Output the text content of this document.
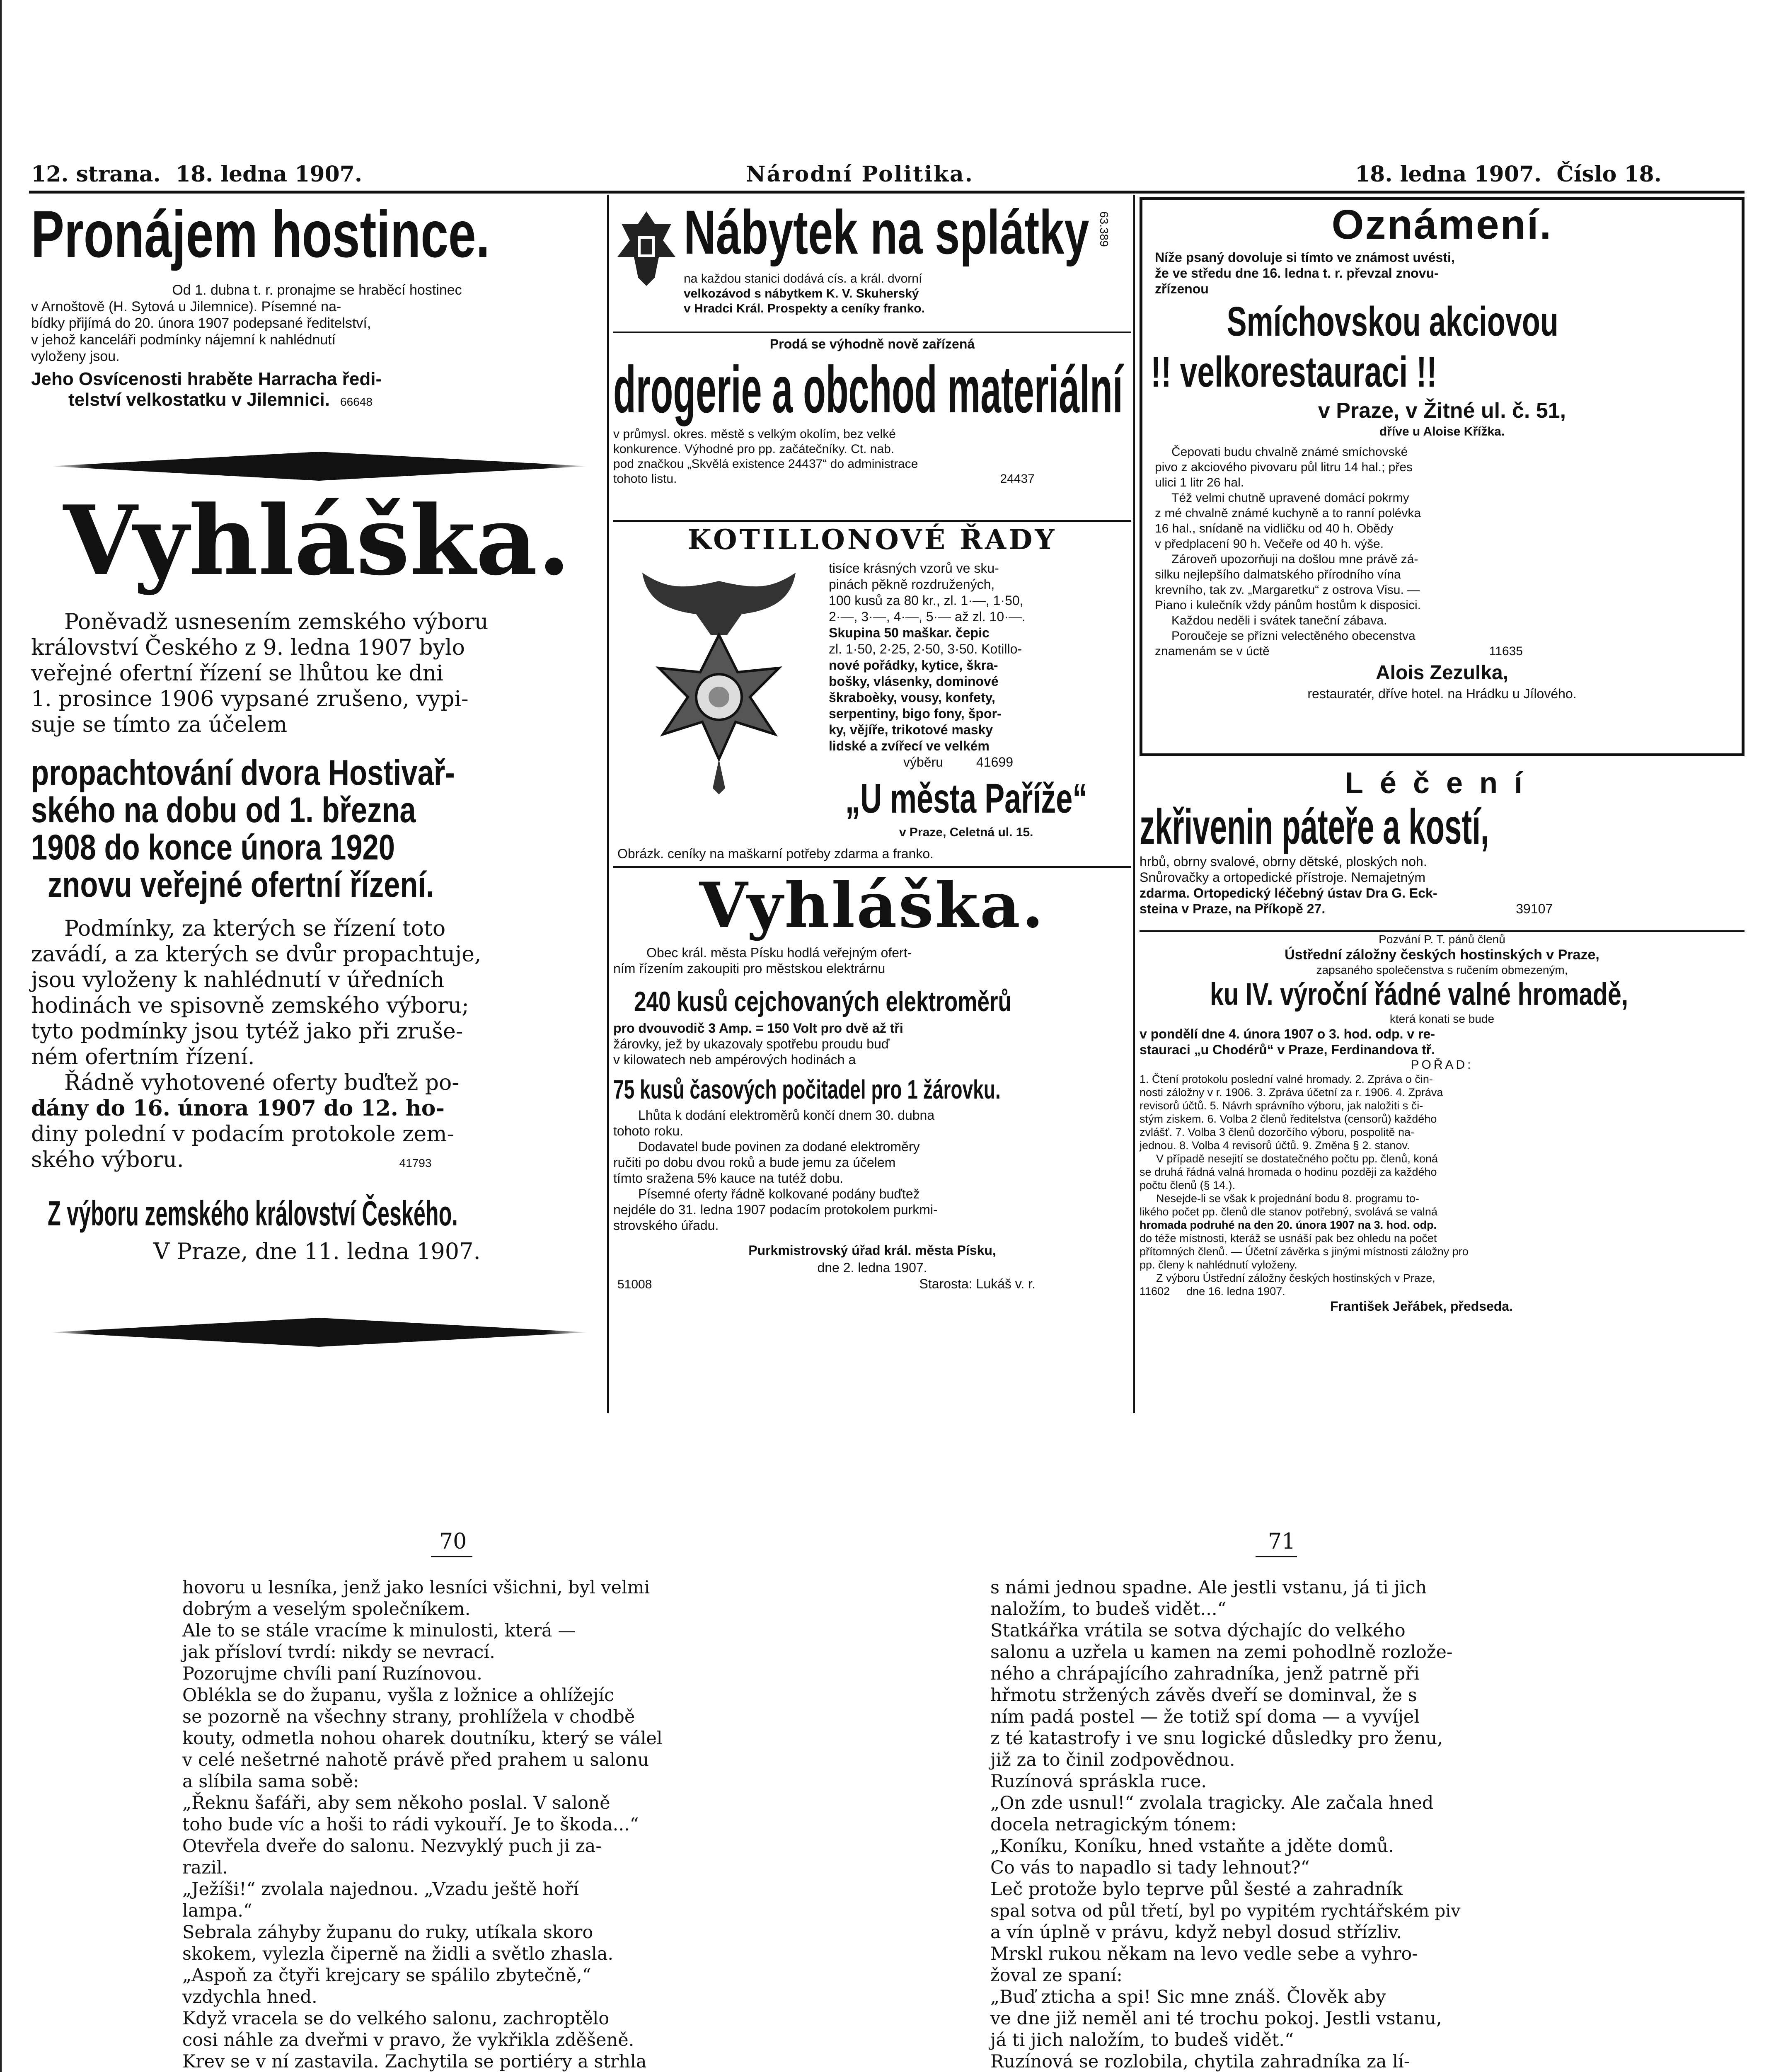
12. strana.  18. ledna 1907.	Národní Politika.	18. ledna 1907.  Číslo 18.
Pronájem hostince.

Od 1. dubna t. r. pronajme se hraběcí hostinec

v Arnoštově (H. Sytová u Jilemnice). Písemné na-

bídky přijímá do 20. února 1907 podepsané ředitelství,

v jehož kanceláři podmínky nájemní k nahlédnutí

vyloženy jsou.

Jeho Osvícenosti hraběte Harracha ředi-
telství velkostatku v Jilemnici. 66648
Vyhláška.

Poněvadž usnesením zemského výboru

království Českého z 9. ledna 1907 bylo

veřejné ofertní řízení se lhůtou ke dni

1. prosince 1906 vypsané zrušeno, vypi-

suje se tímto za účelem

propachtování dvora Hostivař-
ského na dobu od 1. března
1908 do konce února 1920
znovu veřejné ofertní řízení.

Podmínky, za kterých se řízení toto

zavádí, a za kterých se dvůr propachtuje,

jsou vyloženy k nahlédnutí v úředních

hodinách ve spisovně zemského výboru;

tyto podmínky jsou tytéž jako při zruše-

ném ofertním řízení.

Řádně vyhotovené oferty buďtež po-

dány do 16. února 1907 do 12. ho-

diny polední v podacím protokole zem-

ského výboru.	41793

Z výboru zemského království Českého.
V Praze, dne 11. ledna 1907.
Nábytek na splátky 63.389

na každou stanici dodává cís. a král. dvorní

velkozávod s nábytkem K. V. Skuherský

v Hradci Král. Prospekty a ceníky franko.

Prodá se výhodně nově zařízená
drogerie a obchod materiální

v průmysl. okres. městě s velkým okolím, bez velké

konkurence. Výhodné pro pp. začátečníky. Ct. nab.

pod značkou „Skvělá existence 24437“ do administrace

tohoto listu.	24437

KOTILLONOVÉ ŘADY

tisíce krásných vzorů ve sku-

pinách pěkně rozdružených,

100 kusů za 80 kr., zl. 1·—, 1·50,

2·—, 3·—, 4·—, 5·— až zl. 10·—.

Skupina 50 maškar. čepic

zl. 1·50, 2·25, 2·50, 3·50. Kotillo-

nové pořádky, kytice, škra-

bošky, vlásenky, dominové

škraboèky, vousy, konfety,

serpentiny, bigo fony, špor-

ky, vějíře, trikotové masky

lidské a zvířecí ve velkém

výběru	41699

„U města Paříže“
v Praze, Celetná ul. 15.
Obrázk. ceníky na maškarní potřeby zdarma a franko.
Vyhláška.

Obec král. města Písku hodlá veřejným ofert-

ním řízením zakoupiti pro městskou elektrárnu

240 kusů cejchovaných elektroměrů

pro dvouvodič 3 Amp. = 150 Volt pro dvě až tři

žárovky, jež by ukazovaly spotřebu proudu buď

v kilowatech neb ampérových hodinách a

75 kusů časových počitadel pro 1 žárovku.

Lhůta k dodání elektroměrů končí dnem 30. dubna

tohoto roku.

Dodavatel bude povinen za dodané elektroměry

ručiti po dobu dvou roků a bude jemu za účelem

tímto sražena 5% kauce na tutéž dobu.

Písemné oferty řádně kolkované podány buďtež

nejdéle do 31. ledna 1907 podacím protokolem purkmi-

strovského úřadu.

Purkmistrovský úřad král. města Písku,
dne 2. ledna 1907.
51008	Starosta: Lukáš v. r.
Oznámení.

Níže psaný dovoluje si tímto ve známost uvésti,

že ve středu dne 16. ledna t. r. převzal znovu-

zřízenou

Smíchovskou akciovou
!! velkorestauraci !!
v Praze, v Žitné ul. č. 51,
dříve u Aloise Křížka.

Čepovati budu chvalně známé smíchovské

pivo z akciového pivovaru půl litru 14 hal.; přes

ulici 1 litr 26 hal.

Též velmi chutně upravené domácí pokrmy

z mé chvalně známé kuchyně a to ranní polévka

16 hal., snídaně na vidličku od 40 h. Obědy

v předplacení 90 h. Večeře od 40 h. výše.

Zároveň upozorňuji na došlou mne právě zá-

silku nejlepšího dalmatského přírodního vína

krevního, tak zv. „Margaretku“ z ostrova Visu. —

Piano i kulečník vždy pánům hostům k disposici.

Každou neděli i svátek taneční zábava.

Poroučeje se přízni velectěného obecenstva

znamenám se v úctě	11635

Alois Zezulka,
restauratér, dříve hotel. na Hrádku u Jílového.
Léčení
zkřivenin páteře a kostí,

hrbů, obrny svalové, obrny dětské, ploských noh.

Snůrovačky a ortopedické přístroje. Nemajetným

zdarma. Ortopedický léčebný ústav Dra G. Eck-

steina v Praze, na Příkopě 27.	39107

Pozvání P. T. pánů členů
Ústřední záložny českých hostinských v Praze,
zapsaného společenstva s ručením obmezeným,
ku IV. výroční řádné valné hromadě,
která konati se bude
v pondělí dne 4. února 1907 o 3. hod. odp. v re-
stauraci „u Chodérů“ v Praze, Ferdinandova tř.
POŘAD:

1. Čtení protokolu poslední valné hromady. 2. Zpráva o čin-

nosti záložny v r. 1906. 3. Zpráva účetní za r. 1906. 4. Zpráva

revisorů účtů. 5. Návrh správního výboru, jak naložiti s či-

stým ziskem. 6. Volba 2 členů ředitelstva (censorů) každého

zvlášť. 7. Volba 3 členů dozorčího výboru, pospolitě na-

jednou. 8. Volba 4 revisorů účtů. 9. Změna § 2. stanov.

V případě nesejití se dostatečného počtu pp. členů, koná

se druhá řádná valná hromada o hodinu později za každého

počtu členů (§ 14.).

Nesejde-li se však k projednání bodu 8. programu to-

likého počet pp. členů dle stanov potřebný, svolává se valná

hromada podruhé na den 20. února 1907 na 3. hod. odp.

do téže místnosti, kteráž se usnáší pak bez ohledu na počet

přítomných členů. — Účetní závěrka s jinými místnosti záložny pro

pp. členy k nahlédnutí vyloženy.

Z výboru Ústřední záložny českých hostinských v Praze,

11602 dne 16. ledna 1907.

František Jeřábek, předseda.
70	71

hovoru u lesníka, jenž jako lesníci všichni, byl velmi

dobrým a veselým společníkem.

Ale to se stále vracíme k minulosti, která —

jak přísloví tvrdí: nikdy se nevrací.

Pozorujme chvíli paní Ruzínovou.

Oblékla se do županu, vyšla z ložnice a ohlížejíc

se pozorně na všechny strany, prohlížela v chodbě

kouty, odmetla nohou oharek doutníku, který se válel

v celé nešetrné nahotě právě před prahem u salonu

a slíbila sama sobě:

„Řeknu šafáři, aby sem někoho poslal. V saloně

toho bude víc a hoši to rádi vykouří. Je to škoda...“

Otevřela dveře do salonu. Nezvyklý puch ji za-

razil.

„Ježíši!“ zvolala najednou. „Vzadu ještě hoří

lampa.“

Sebrala záhyby županu do ruky, utíkala skoro

skokem, vylezla čiperně na židli a světlo zhasla.

„Aspoň za čtyři krejcary se spálilo zbytečně,“

vzdychla hned.

Když vracela se do velkého salonu, zachroptělo

cosi náhle za dveřmi v pravo, že vykřikla zděšeně.

Krev se v ní zastavila. Zachytila se portiéry a strhla

s námi jednou spadne. Ale jestli vstanu, já ti jich

naložím, to budeš vidět...“

Statkářka vrátila se sotva dýchajíc do velkého

salonu a uzřela u kamen na zemi pohodlně rozlože-

ného a chrápajícího zahradníka, jenž patrně při

hřmotu stržených závěs dveří se dominval, že s

ním padá postel — že totiž spí doma — a vyvíjel

z té katastrofy i ve snu logické důsledky pro ženu,

již za to činil zodpovědnou.

Ruzínová spráskla ruce.

„On zde usnul!“ zvolala tragicky. Ale začala hned

docela netragickým tónem:

„Koníku, Koníku, hned vstaňte a jděte domů.

Co vás to napadlo si tady lehnout?“

Leč protože bylo teprve půl šesté a zahradník

spal sotva od půl třetí, byl po vypitém rychtářském piv

a vín úplně v právu, když nebyl dosud střízliv.

Mrskl rukou někam na levo vedle sebe a vyhro-

žoval ze spaní:

„Buď zticha a spi! Sic mne znáš. Člověk aby

ve dne již neměl ani té trochu pokoj. Jestli vstanu,

já ti jich naložím, to budeš vidět.“

Ruzínová se rozlobila, chytila zahradníka za lí-
